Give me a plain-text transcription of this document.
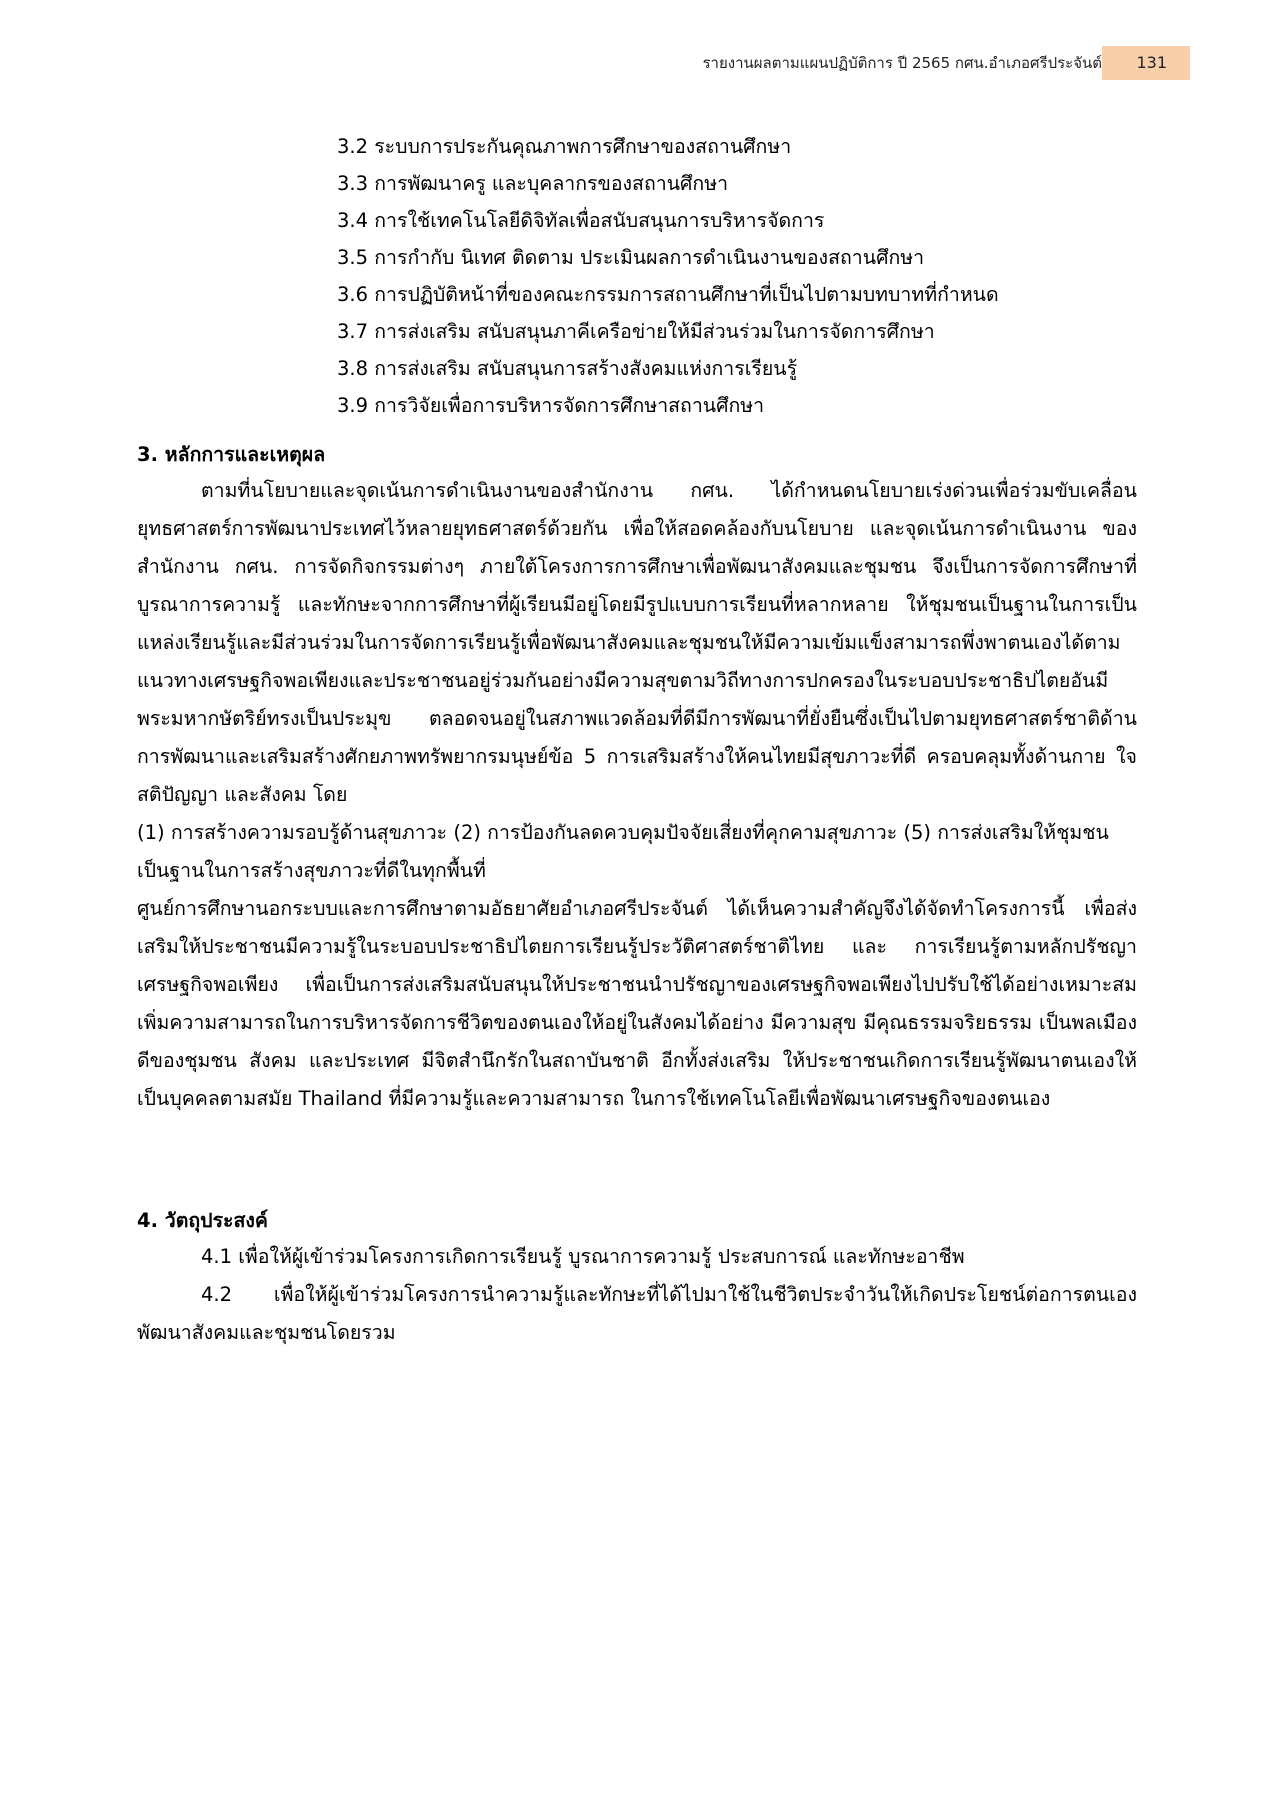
รายงานผลตามแผนปฏิบัติการ ปี 2565 กศน.อำเภอศรีประจันต์ 131
3.2 ระบบการประกันคุณภาพการศึกษาของสถานศึกษา
3.3 การพัฒนาครู และบุคลากรของสถานศึกษา
3.4 การใช้เทคโนโลยีดิจิทัลเพื่อสนับสนุนการบริหารจัดการ
3.5 การกำกับ นิเทศ ติดตาม ประเมินผลการดำเนินงานของสถานศึกษา
3.6 การปฏิบัติหน้าที่ของคณะกรรมการสถานศึกษาที่เป็นไปตามบทบาทที่กำหนด
3.7 การส่งเสริม สนับสนุนภาคีเครือข่ายให้มีส่วนร่วมในการจัดการศึกษา
3.8 การส่งเสริม สนับสนุนการสร้างสังคมแห่งการเรียนรู้
3.9 การวิจัยเพื่อการบริหารจัดการศึกษาสถานศึกษา
3. หลักการและเหตุผล

ตามที่นโยบายและจุดเน้นการดำเนินงานของสำนักงาน กศน. ได้กำหนดนโยบายเร่งด่วนเพื่อร่วมขับเคลื่อนยุทธศาสตร์การพัฒนาประเทศไว้หลายยุทธศาสตร์ด้วยกัน เพื่อให้สอดคล้องกับนโยบาย และจุดเน้นการดำเนินงาน ของสำนักงาน กศน. การจัดกิจกรรมต่างๆ ภายใต้โครงการการศึกษาเพื่อพัฒนาสังคมและชุมชน จึงเป็นการจัดการศึกษาที่บูรณาการความรู้ และทักษะจากการศึกษาที่ผู้เรียนมีอยู่โดยมีรูปแบบการเรียนที่หลากหลาย ให้ชุมชนเป็นฐานในการเป็นแหล่งเรียนรู้และมีส่วนร่วมในการจัดการเรียนรู้เพื่อพัฒนาสังคมและชุมชนให้มีความเข้มแข็งสามารถพึ่งพาตนเองได้ตามแนวทางเศรษฐกิจพอเพียงและประชาชนอยู่ร่วมกันอย่างมีความสุขตามวิถีทางการปกครองในระบอบประชาธิปไตยอันมีพระมหากษัตริย์ทรงเป็นประมุข ตลอดจนอยู่ในสภาพแวดล้อมที่ดีมีการพัฒนาที่ยั่งยืนซึ่งเป็นไปตามยุทธศาสตร์ชาติด้านการพัฒนาและเสริมสร้างศักยภาพทรัพยากรมนุษย์ข้อ 5 การเสริมสร้างให้คนไทยมีสุขภาวะที่ดี ครอบคลุมทั้งด้านกาย ใจ สติปัญญา และสังคม โดย

(1) การสร้างความรอบรู้ด้านสุขภาวะ (2) การป้องกันลดควบคุมปัจจัยเสี่ยงที่คุกคามสุขภาวะ (5) การส่งเสริมให้ชุมชนเป็นฐานในการสร้างสุขภาวะที่ดีในทุกพื้นที่

ศูนย์การศึกษานอกระบบและการศึกษาตามอัธยาศัยอำเภอศรีประจันต์ ได้เห็นความสำคัญจึงได้จัดทำโครงการนี้ เพื่อส่งเสริมให้ประชาชนมีความรู้ในระบอบประชาธิปไตยการเรียนรู้ประวัติศาสตร์ชาติไทย และ การเรียนรู้ตามหลักปรัชญาเศรษฐกิจพอเพียง เพื่อเป็นการส่งเสริมสนับสนุนให้ประชาชนนำปรัชญาของเศรษฐกิจพอเพียงไปปรับใช้ได้อย่างเหมาะสมเพิ่มความสามารถในการบริหารจัดการชีวิตของตนเองให้อยู่ในสังคมได้อย่าง มีความสุข มีคุณธรรมจริยธรรม เป็นพลเมืองดีของชุมชน สังคม และประเทศ มีจิตสำนึกรักในสถาบันชาติ อีกทั้งส่งเสริม ให้ประชาชนเกิดการเรียนรู้พัฒนาตนเองให้เป็นบุคคลตามสมัย Thailand ที่มีความรู้และความสามารถ ในการใช้เทคโนโลยีเพื่อพัฒนาเศรษฐกิจของตนเอง

4. วัตถุประสงค์

4.1 เพื่อให้ผู้เข้าร่วมโครงการเกิดการเรียนรู้ บูรณาการความรู้ ประสบการณ์ และทักษะอาชีพ

4.2 เพื่อให้ผู้เข้าร่วมโครงการนำความรู้และทักษะที่ได้ไปมาใช้ในชีวิตประจำวันให้เกิดประโยชน์ต่อการตนเอง พัฒนาสังคมและชุมชนโดยรวม
